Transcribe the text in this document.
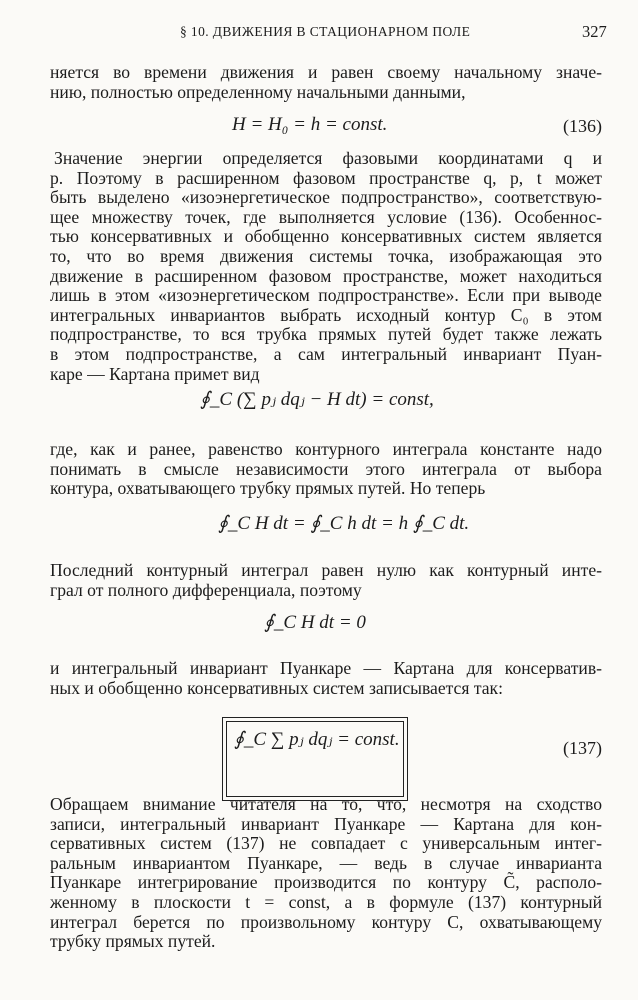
§ 10. ДВИЖЕНИЯ В СТАЦИОНАРНОМ ПОЛЕ	327
няется во времени движения и равен своему начальному значе-
нию, полностью определенному начальными данными,
H = H₀ = h = const.	(136)
Значение энергии определяется фазовыми координатами q и
p. Поэтому в расширенном фазовом пространстве q, p, t может
быть выделено «изоэнергетическое подпространство», соответствую-
щее множеству точек, где выполняется условие (136). Особеннос-
тью консервативных и обобщенно консервативных систем является
то, что во время движения системы точка, изображающая это
движение в расширенном фазовом пространстве, может находиться
лишь в этом «изоэнергетическом подпространстве». Если при выводе
интегральных инвариантов выбрать исходный контур C₀ в этом
подпространстве, то вся трубка прямых путей будет также лежать
в этом подпространстве, а сам интегральный инвариант Пуан-
каре — Картана примет вид
∮_C (∑ pⱼ dqⱼ − H dt) = const,
где, как и ранее, равенство контурного интеграла константе надо
понимать в смысле независимости этого интеграла от выбора
контура, охватывающего трубку прямых путей. Но теперь
∮_C H dt = ∮_C h dt = h ∮_C dt.
Последний контурный интеграл равен нулю как контурный инте-
грал от полного дифференциала, поэтому
∮_C H dt = 0
и интегральный инвариант Пуанкаре — Картана для консерватив-
ных и обобщенно консервативных систем записывается так:
∮_C ∑ pⱼ dqⱼ = const.	(137)
Обращаем внимание читателя на то, что, несмотря на сходство
записи, интегральный инвариант Пуанкаре — Картана для кон-
сервативных систем (137) не совпадает с универсальным интег-
ральным инвариантом Пуанкаре, — ведь в случае инварианта
Пуанкаре интегрирование производится по контуру C̃, располо-
женному в плоскости t = const, а в формуле (137) контурный
интеграл берется по произвольному контуру C, охватывающему
трубку прямых путей.
